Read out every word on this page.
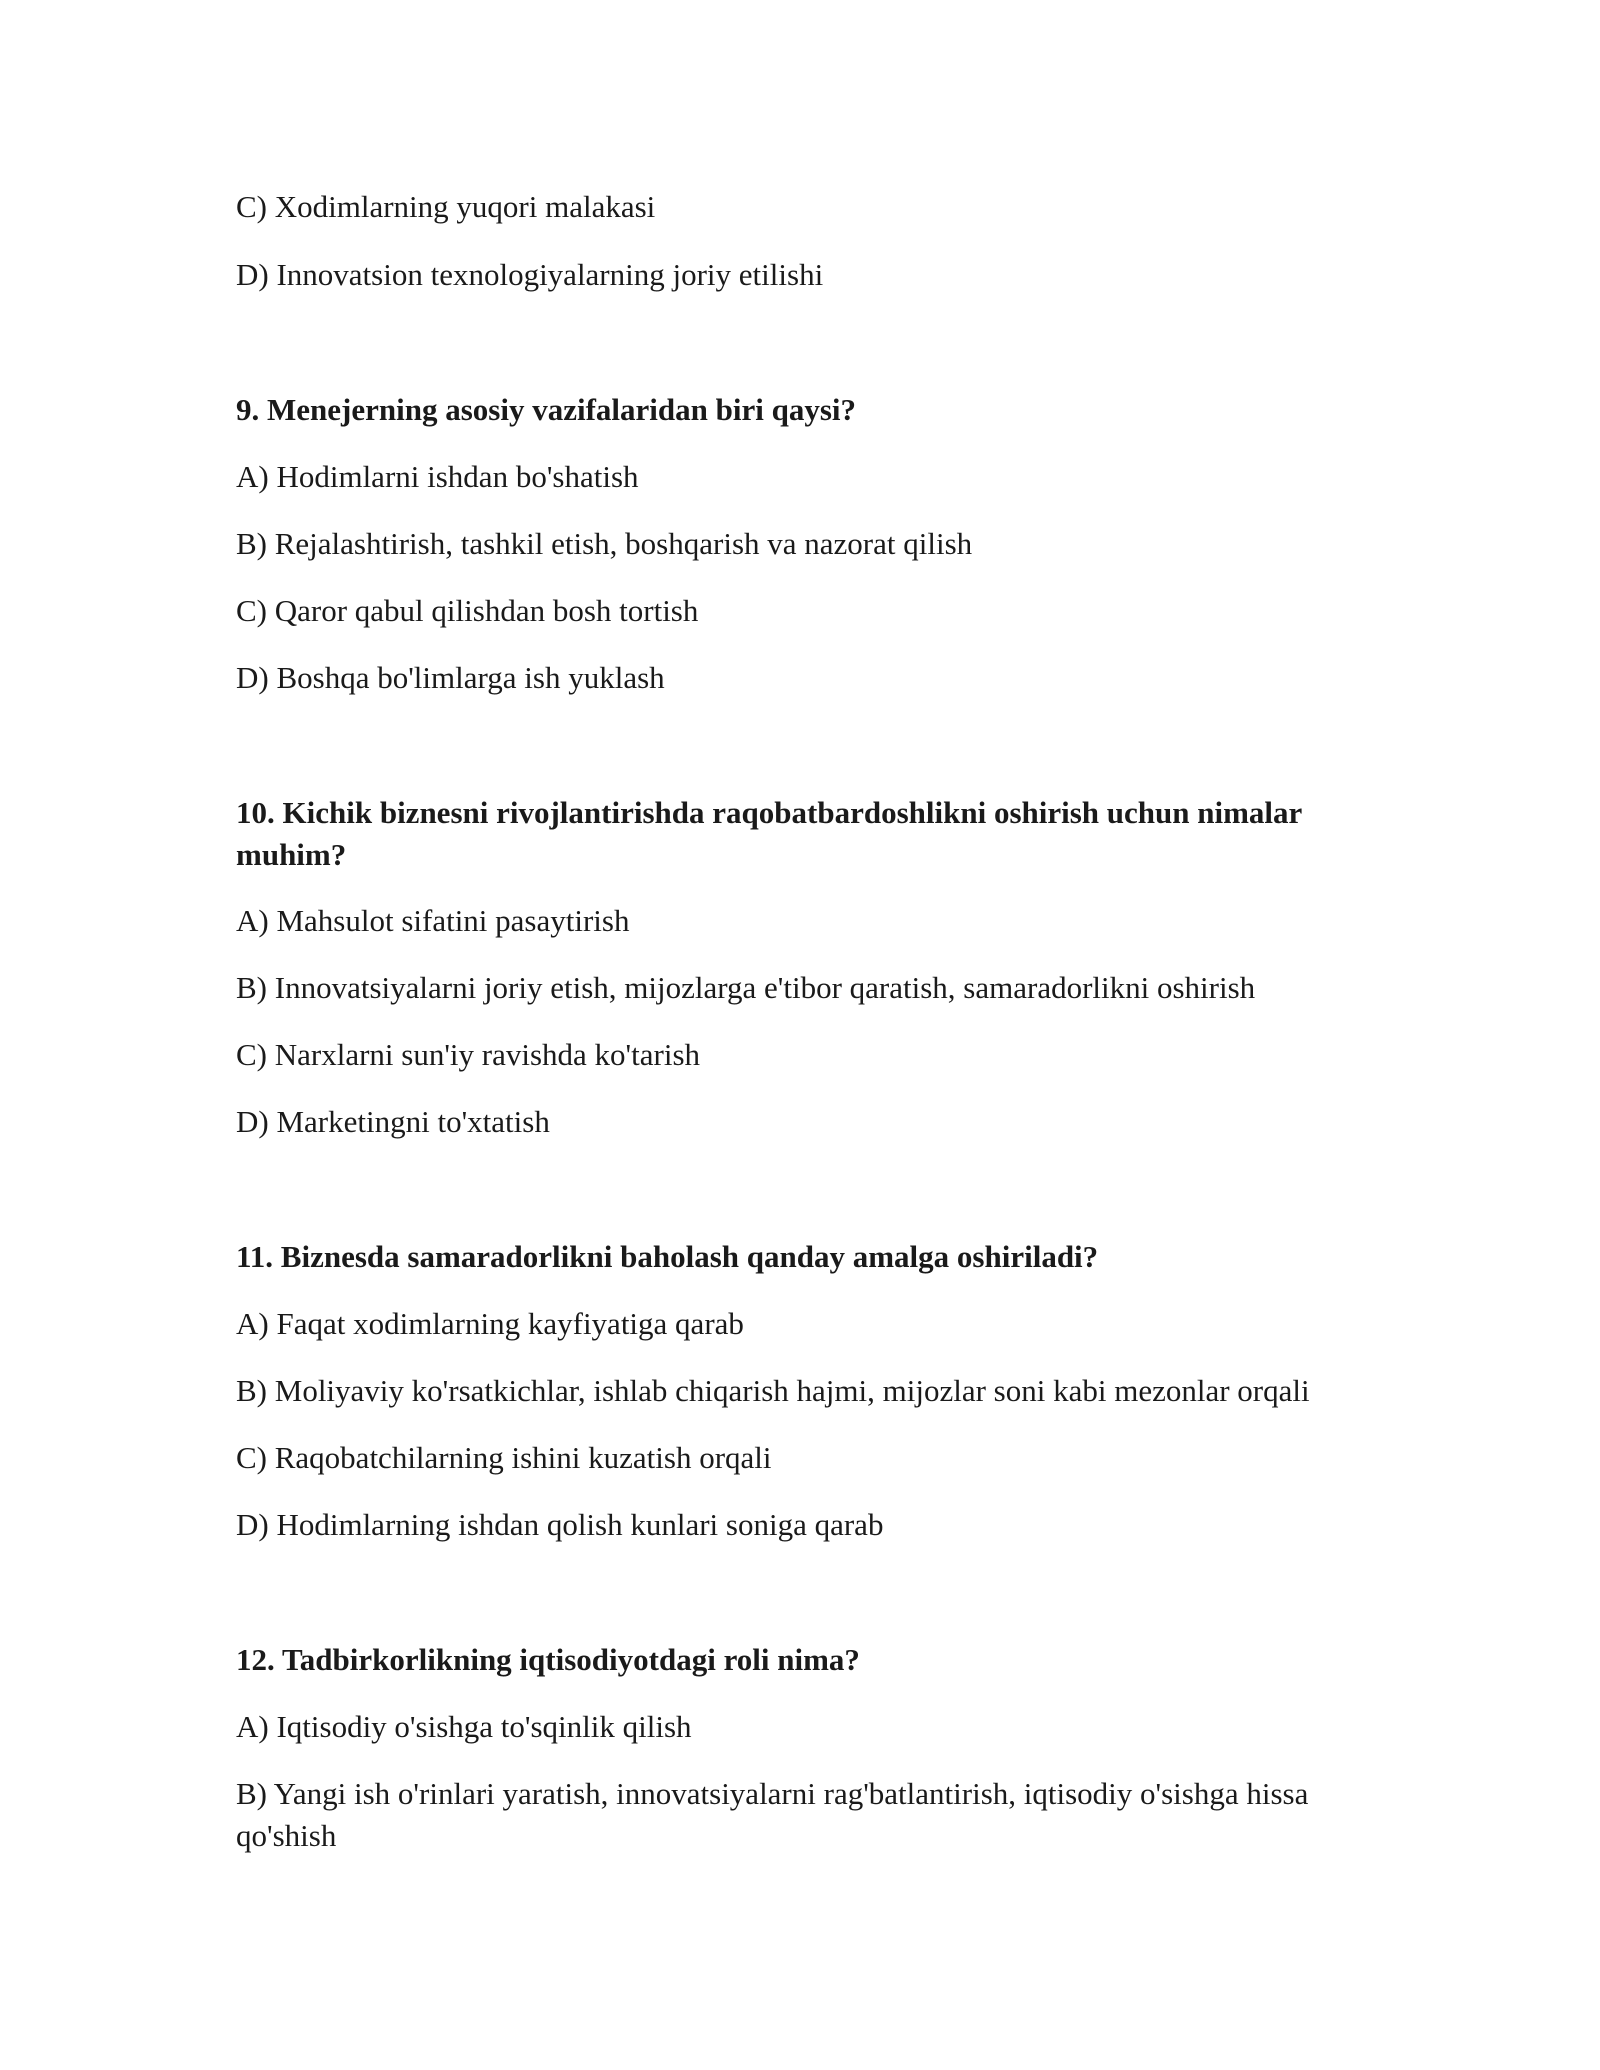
C) Xodimlarning yuqori malakasi
D) Innovatsion texnologiyalarning joriy etilishi
9. Menejerning asosiy vazifalaridan biri qaysi?
A) Hodimlarni ishdan bo'shatish
B) Rejalashtirish, tashkil etish, boshqarish va nazorat qilish
C) Qaror qabul qilishdan bosh tortish
D) Boshqa bo'limlarga ish yuklash
10. Kichik biznesni rivojlantirishda raqobatbardoshlikni oshirish uchun nimalar muhim?
A) Mahsulot sifatini pasaytirish
B) Innovatsiyalarni joriy etish, mijozlarga e'tibor qaratish, samaradorlikni oshirish
C) Narxlarni sun'iy ravishda ko'tarish
D) Marketingni to'xtatish
11. Biznesda samaradorlikni baholash qanday amalga oshiriladi?
A) Faqat xodimlarning kayfiyatiga qarab
B) Moliyaviy ko'rsatkichlar, ishlab chiqarish hajmi, mijozlar soni kabi mezonlar orqali
C) Raqobatchilarning ishini kuzatish orqali
D) Hodimlarning ishdan qolish kunlari soniga qarab
12. Tadbirkorlikning iqtisodiyotdagi roli nima?
A) Iqtisodiy o'sishga to'sqinlik qilish
B) Yangi ish o'rinlari yaratish, innovatsiyalarni rag'batlantirish, iqtisodiy o'sishga hissa qo'shish
